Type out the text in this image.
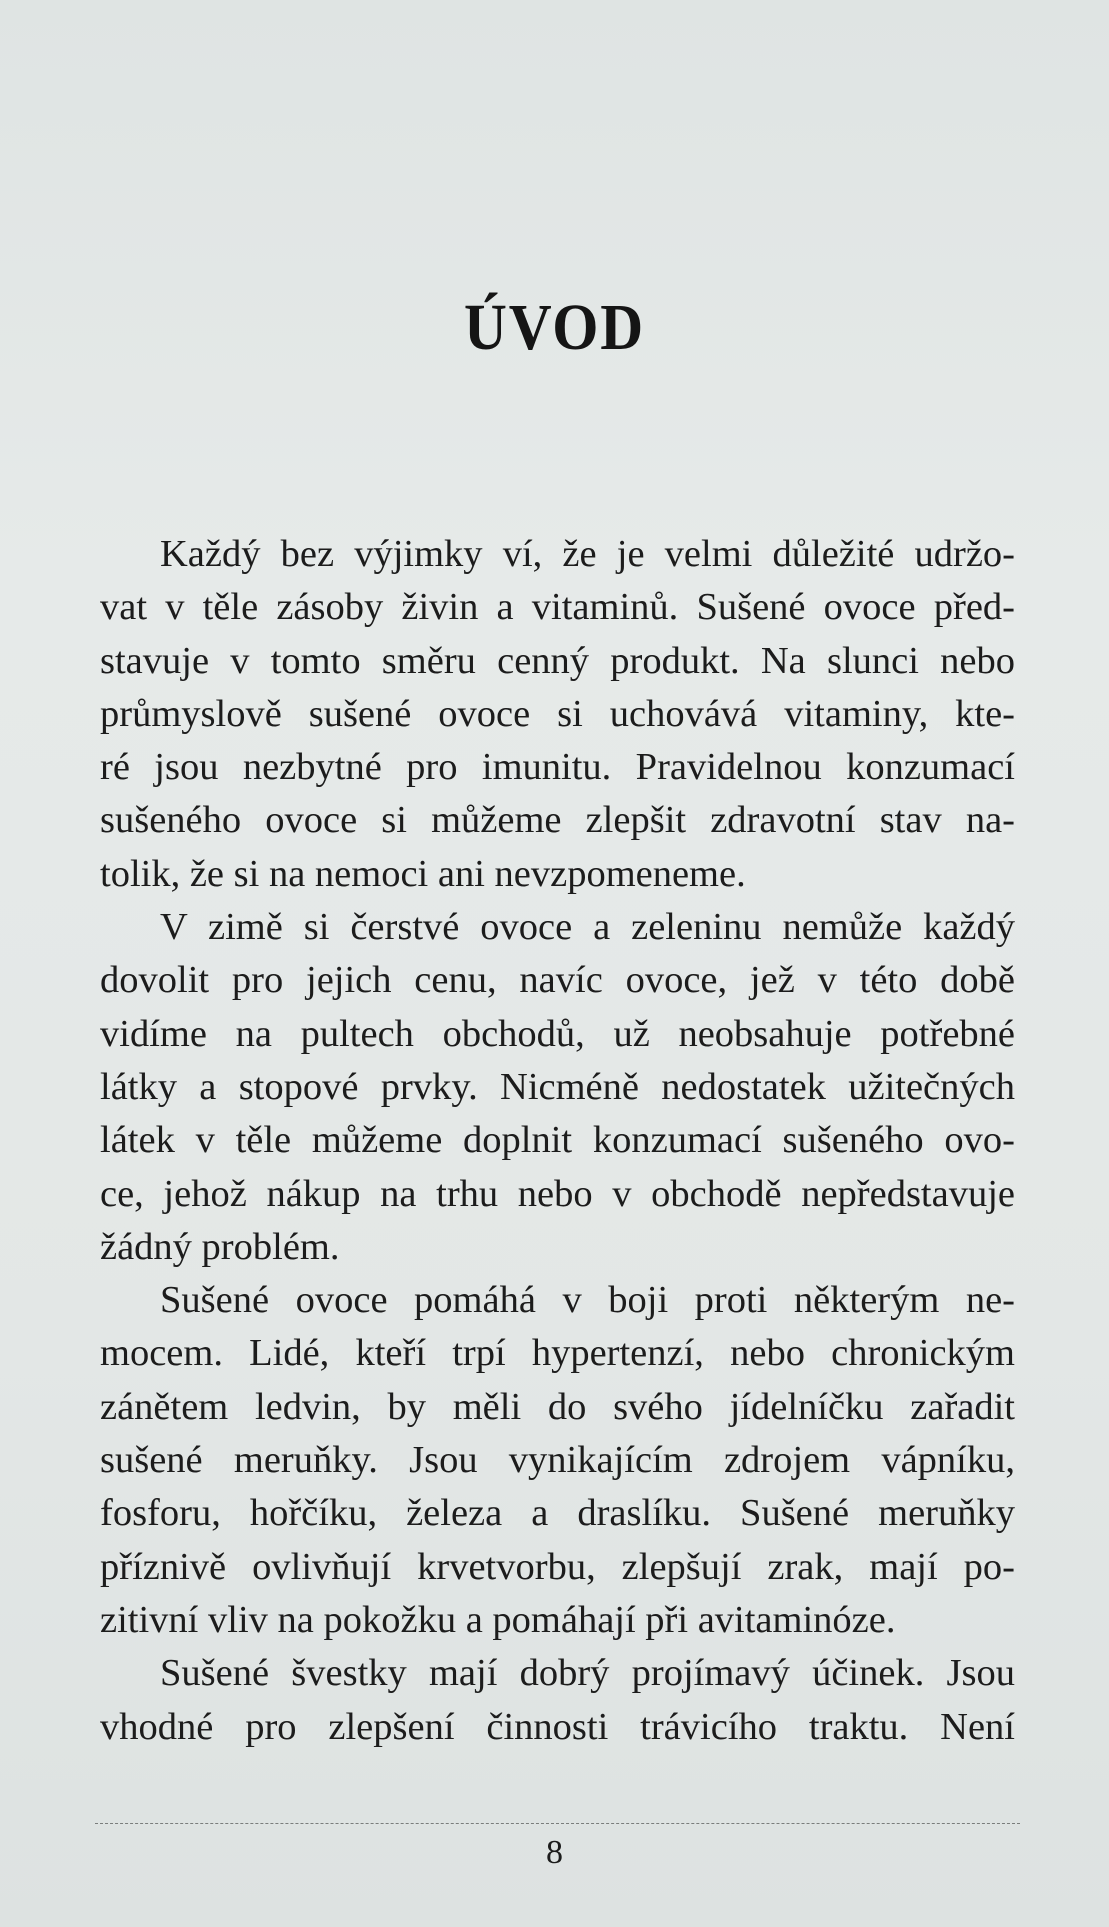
ÚVOD
Každý bez výjimky ví, že je velmi důležité udržo-
vat v těle zásoby živin a vitaminů. Sušené ovoce před-
stavuje v tomto směru cenný produkt. Na slunci nebo
průmyslově sušené ovoce si uchovává vitaminy, kte-
ré jsou nezbytné pro imunitu. Pravidelnou konzumací
sušeného ovoce si můžeme zlepšit zdravotní stav na-
tolik, že si na nemoci ani nevzpomeneme.
V zimě si čerstvé ovoce a zeleninu nemůže každý
dovolit pro jejich cenu, navíc ovoce, jež v této době
vidíme na pultech obchodů, už neobsahuje potřebné
látky a stopové prvky. Nicméně nedostatek užitečných
látek v těle můžeme doplnit konzumací sušeného ovo-
ce, jehož nákup na trhu nebo v obchodě nepředstavuje
žádný problém.
Sušené ovoce pomáhá v boji proti některým ne-
mocem. Lidé, kteří trpí hypertenzí, nebo chronickým
zánětem ledvin, by měli do svého jídelníčku zařadit
sušené meruňky. Jsou vynikajícím zdrojem vápníku,
fosforu, hořčíku, železa a draslíku. Sušené meruňky
příznivě ovlivňují krvetvorbu, zlepšují zrak, mají po-
zitivní vliv na pokožku a pomáhají při avitaminóze.
Sušené švestky mají dobrý projímavý účinek. Jsou
vhodné pro zlepšení činnosti trávicího traktu. Není
8
